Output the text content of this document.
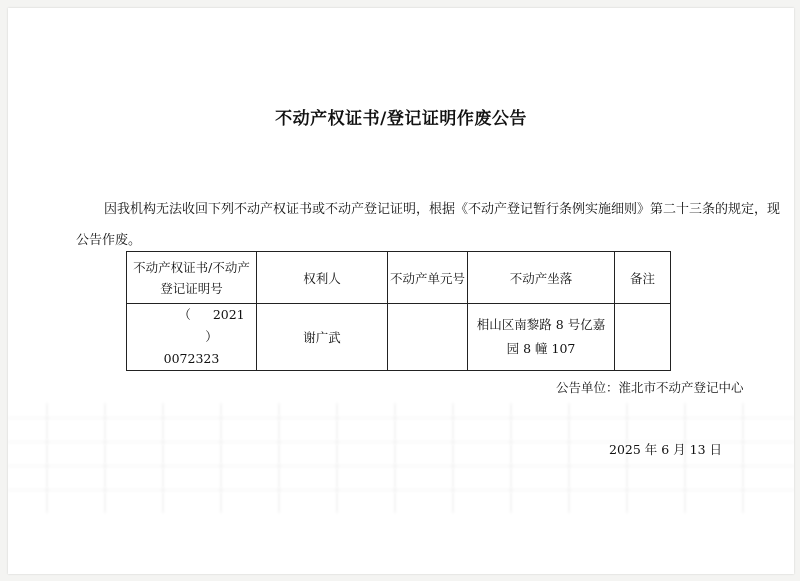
不动产权证书/登记证明作废公告
因我机构无法收回下列不动产权证书或不动产登记证明，根据《不动产登记暂行条例实施细则》第二十三条的规定，现
公告作废。
不动产权证书/不动产
登记证明号	权利人	不动产单元号	不动产坐落	备注

（ 2021 ）
0072323	谢广武		相山区南黎路 8 号亿嘉
园 8 幢 107	
公告单位：淮北市不动产登记中心
2025 年 6 月 13 日
